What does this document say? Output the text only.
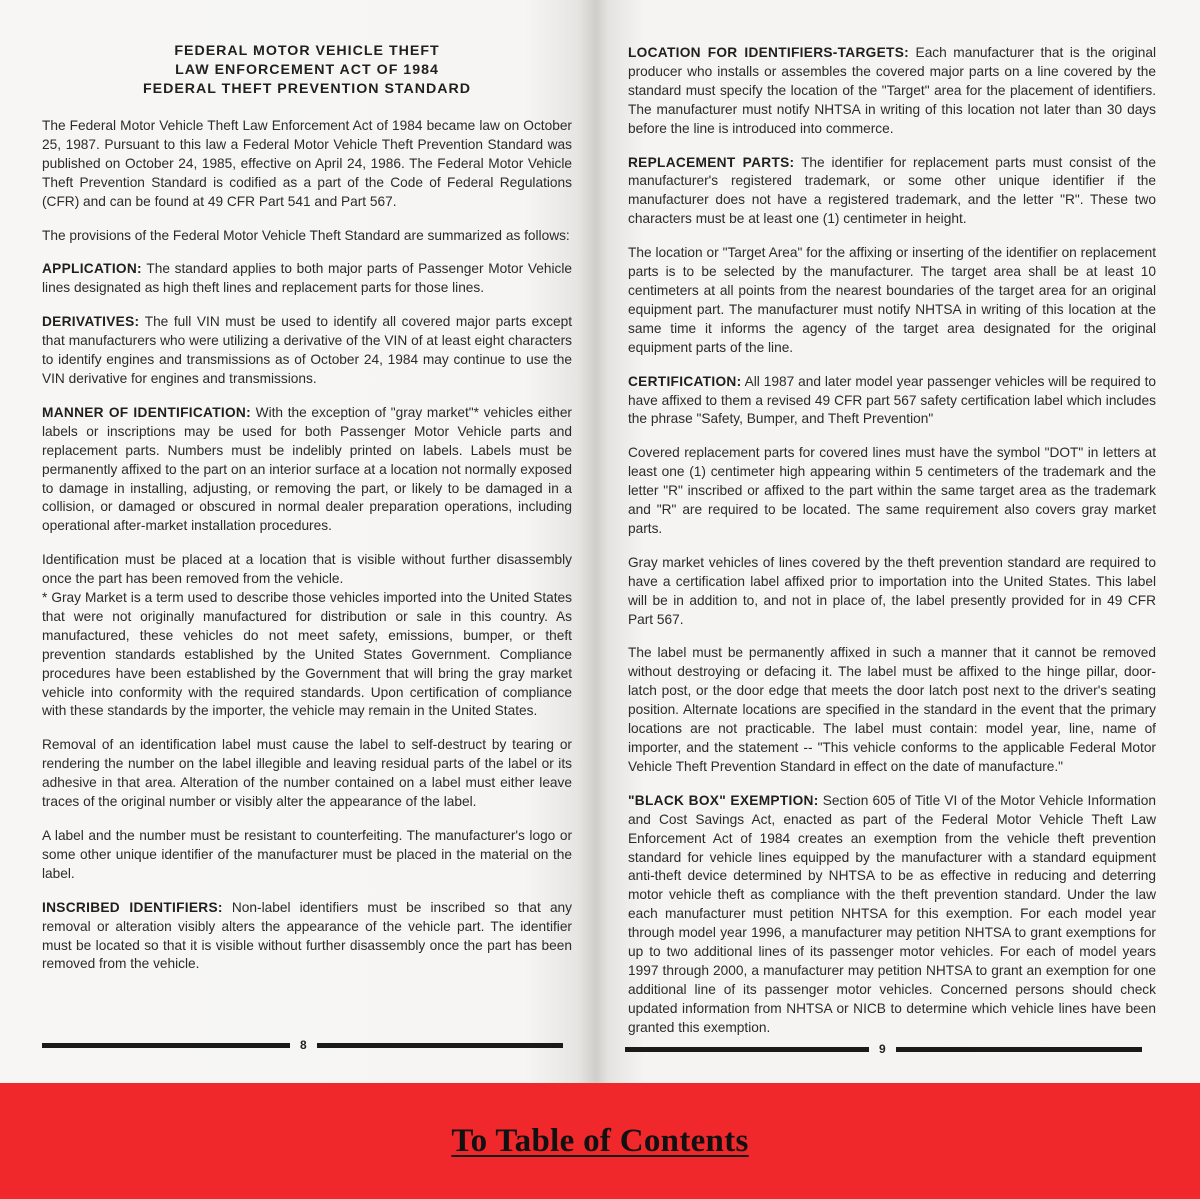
FEDERAL MOTOR VEHICLE THEFT
LAW ENFORCEMENT ACT OF 1984
FEDERAL THEFT PREVENTION STANDARD

The Federal Motor Vehicle Theft Law Enforcement Act of 1984 became law on October 25, 1987. Pursuant to this law a Federal Motor Vehicle Theft Prevention Standard was published on October 24, 1985, effective on April 24, 1986. The Federal Motor Vehicle Theft Prevention Standard is codified as a part of the Code of Federal Regulations (CFR) and can be found at 49 CFR Part 541 and Part 567.

The provisions of the Federal Motor Vehicle Theft Standard are summarized as follows:

APPLICATION: The standard applies to both major parts of Passenger Motor Vehicle lines designated as high theft lines and replacement parts for those lines.

DERIVATIVES: The full VIN must be used to identify all covered major parts except that manufacturers who were utilizing a derivative of the VIN of at least eight characters to identify engines and transmissions as of October 24, 1984 may continue to use the VIN derivative for engines and transmissions.

MANNER OF IDENTIFICATION: With the exception of "gray market"* vehicles either labels or inscriptions may be used for both Passenger Motor Vehicle parts and replacement parts. Numbers must be indelibly printed on labels. Labels must be permanently affixed to the part on an interior surface at a location not normally exposed to damage in installing, adjusting, or removing the part, or likely to be damaged in a collision, or damaged or obscured in normal dealer preparation operations, including operational after-market installation procedures.

Identification must be placed at a location that is visible without further disassembly once the part has been removed from the vehicle.

* Gray Market is a term used to describe those vehicles imported into the United States that were not originally manufactured for distribution or sale in this country. As manufactured, these vehicles do not meet safety, emissions, bumper, or theft prevention standards established by the United States Government. Compliance procedures have been established by the Government that will bring the gray market vehicle into conformity with the required standards. Upon certification of compliance with these standards by the importer, the vehicle may remain in the United States.

Removal of an identification label must cause the label to self-destruct by tearing or rendering the number on the label illegible and leaving residual parts of the label or its adhesive in that area. Alteration of the number contained on a label must either leave traces of the original number or visibly alter the appearance of the label.

A label and the number must be resistant to counterfeiting. The manufacturer's logo or some other unique identifier of the manufacturer must be placed in the material on the label.

INSCRIBED IDENTIFIERS: Non-label identifiers must be inscribed so that any removal or alteration visibly alters the appearance of the vehicle part. The identifier must be located so that it is visible without further disassembly once the part has been removed from the vehicle.

8

LOCATION FOR IDENTIFIERS-TARGETS: Each manufacturer that is the original producer who installs or assembles the covered major parts on a line covered by the standard must specify the location of the "Target" area for the placement of identifiers. The manufacturer must notify NHTSA in writing of this location not later than 30 days before the line is introduced into commerce.

REPLACEMENT PARTS: The identifier for replacement parts must consist of the manufacturer's registered trademark, or some other unique identifier if the manufacturer does not have a registered trademark, and the letter "R". These two characters must be at least one (1) centimeter in height.

The location or "Target Area" for the affixing or inserting of the identifier on replacement parts is to be selected by the manufacturer. The target area shall be at least 10 centimeters at all points from the nearest boundaries of the target area for an original equipment part. The manufacturer must notify NHTSA in writing of this location at the same time it informs the agency of the target area designated for the original equipment parts of the line.

CERTIFICATION: All 1987 and later model year passenger vehicles will be required to have affixed to them a revised 49 CFR part 567 safety certification label which includes the phrase "Safety, Bumper, and Theft Prevention"

Covered replacement parts for covered lines must have the symbol "DOT" in letters at least one (1) centimeter high appearing within 5 centimeters of the trademark and the letter "R" inscribed or affixed to the part within the same target area as the trademark and "R" are required to be located. The same requirement also covers gray market parts.

Gray market vehicles of lines covered by the theft prevention standard are required to have a certification label affixed prior to importation into the United States. This label will be in addition to, and not in place of, the label presently provided for in 49 CFR Part 567.

The label must be permanently affixed in such a manner that it cannot be removed without destroying or defacing it. The label must be affixed to the hinge pillar, door-latch post, or the door edge that meets the door latch post next to the driver's seating position. Alternate locations are specified in the standard in the event that the primary locations are not practicable. The label must contain: model year, line, name of importer, and the statement -- "This vehicle conforms to the applicable Federal Motor Vehicle Theft Prevention Standard in effect on the date of manufacture."

"BLACK BOX" EXEMPTION: Section 605 of Title VI of the Motor Vehicle Information and Cost Savings Act, enacted as part of the Federal Motor Vehicle Theft Law Enforcement Act of 1984 creates an exemption from the vehicle theft prevention standard for vehicle lines equipped by the manufacturer with a standard equipment anti-theft device determined by NHTSA to be as effective in reducing and deterring motor vehicle theft as compliance with the theft prevention standard. Under the law each manufacturer must petition NHTSA for this exemption. For each model year through model year 1996, a manufacturer may petition NHTSA to grant exemptions for up to two additional lines of its passenger motor vehicles. For each of model years 1997 through 2000, a manufacturer may petition NHTSA to grant an exemption for one additional line of its passenger motor vehicles. Concerned persons should check updated information from NHTSA or NICB to determine which vehicle lines have been granted this exemption.

9
To Table of Contents
